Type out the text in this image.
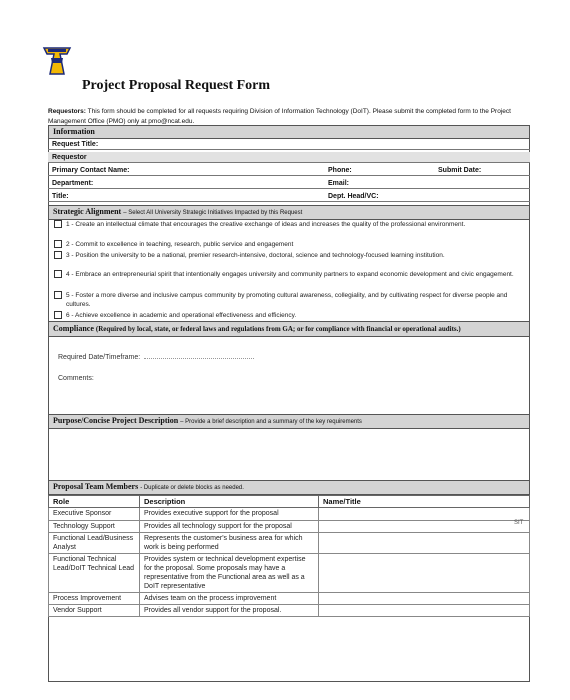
Project Proposal Request Form
Requestors: This form should be completed for all requests requiring Division of Information Technology (DoIT). Please submit the completed form to the Project Management Office (PMO) only at pmo@ncat.edu.
Information
Request Title:
Requestor
Primary Contact Name:	Phone:	Submit Date:
Department:	Email:
Title:	Dept. Head/VC:
Strategic Alignment – Select All University Strategic Initiatives Impacted by this Request
1 - Create an intellectual climate that encourages the creative exchange of ideas and increases the quality of the professional environment.
2 - Commit to excellence in teaching, research, public service and engagement
3 - Position the university to be a national, premier research-intensive, doctoral, science and technology-focused learning institution.
4 - Embrace an entrepreneurial spirit that intentionally engages university and community partners to expand economic development and civic engagement.
5 - Foster a more diverse and inclusive campus community by promoting cultural awareness, collegiality, and by cultivating respect for diverse people and cultures.
6 - Achieve excellence in academic and operational effectiveness and efficiency.
Compliance (Required by local, state, or federal laws and regulations from GA; or for compliance with financial or operational audits.)
Required Date/Timeframe:
Comments:
Purpose/Concise Project Description – Provide a brief description and a summary of the key requirements
Proposal Team Members - Duplicate or delete blocks as needed.
Role	Description	Name/Title
Executive Sponsor	Provides executive support for the proposal	
Technology Support	Provides all technology support for the proposal	
Functional Lead/Business Analyst	Represents the customer's business area for which work is being performed	
Functional Technical Lead/DoIT Technical Lead	Provides system or technical development expertise for the proposal. Some proposals may have a representative from the Functional area as well as a DoIT representative	
Process Improvement	Advises team on the process improvement	
Vendor Support	Provides all vendor support for the proposal.	
SIT
